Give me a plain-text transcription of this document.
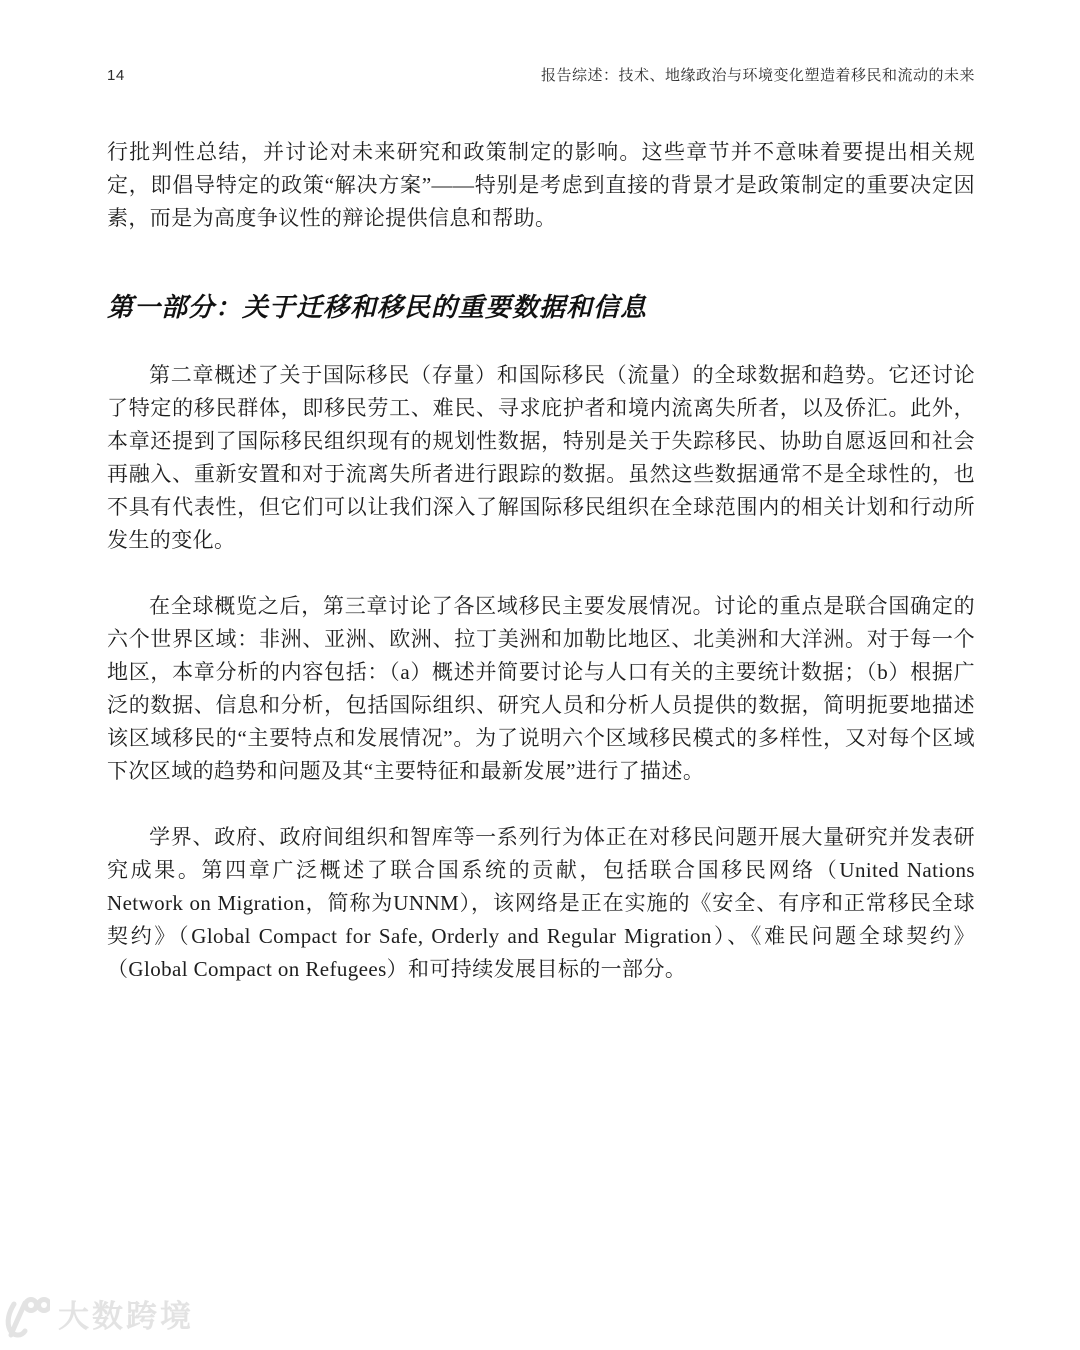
14	报告综述：技术、地缘政治与环境变化塑造着移民和流动的未来

行批判性总结，并讨论对未来研究和政策制定的影响。这些章节并不意味着要提出相关规定，即倡导特定的政策“解决方案”——特别是考虑到直接的背景才是政策制定的重要决定因素，而是为高度争议性的辩论提供信息和帮助。

第一部分：关于迁移和移民的重要数据和信息

第二章概述了关于国际移民（存量）和国际移民（流量）的全球数据和趋势。它还讨论了特定的移民群体，即移民劳工、难民、寻求庇护者和境内流离失所者，以及侨汇。此外，本章还提到了国际移民组织现有的规划性数据，特别是关于失踪移民、协助自愿返回和社会再融入、重新安置和对于流离失所者进行跟踪的数据。虽然这些数据通常不是全球性的，也不具有代表性，但它们可以让我们深入了解国际移民组织在全球范围内的相关计划和行动所发生的变化。

在全球概览之后，第三章讨论了各区域移民主要发展情况。讨论的重点是联合国确定的六个世界区域：非洲、亚洲、欧洲、拉丁美洲和加勒比地区、北美洲和大洋洲。对于每一个地区，本章分析的内容包括：（a）概述并简要讨论与人口有关的主要统计数据；（b）根据广泛的数据、信息和分析，包括国际组织、研究人员和分析人员提供的数据，简明扼要地描述该区域移民的“主要特点和发展情况”。为了说明六个区域移民模式的多样性，又对每个区域下次区域的趋势和问题及其“主要特征和最新发展”进行了描述。

学界、政府、政府间组织和智库等一系列行为体正在对移民问题开展大量研究并发表研究成果。第四章广泛概述了联合国系统的贡献，包括联合国移民网络（United Nations Network on Migration，简称为UNNM），该网络是正在实施的《安全、有序和正常移民全球契约》（Global Compact for Safe, Orderly and Regular Migration）、《难民问题全球契约》（Global Compact on Refugees）和可持续发展目标的一部分。

大数跨境
